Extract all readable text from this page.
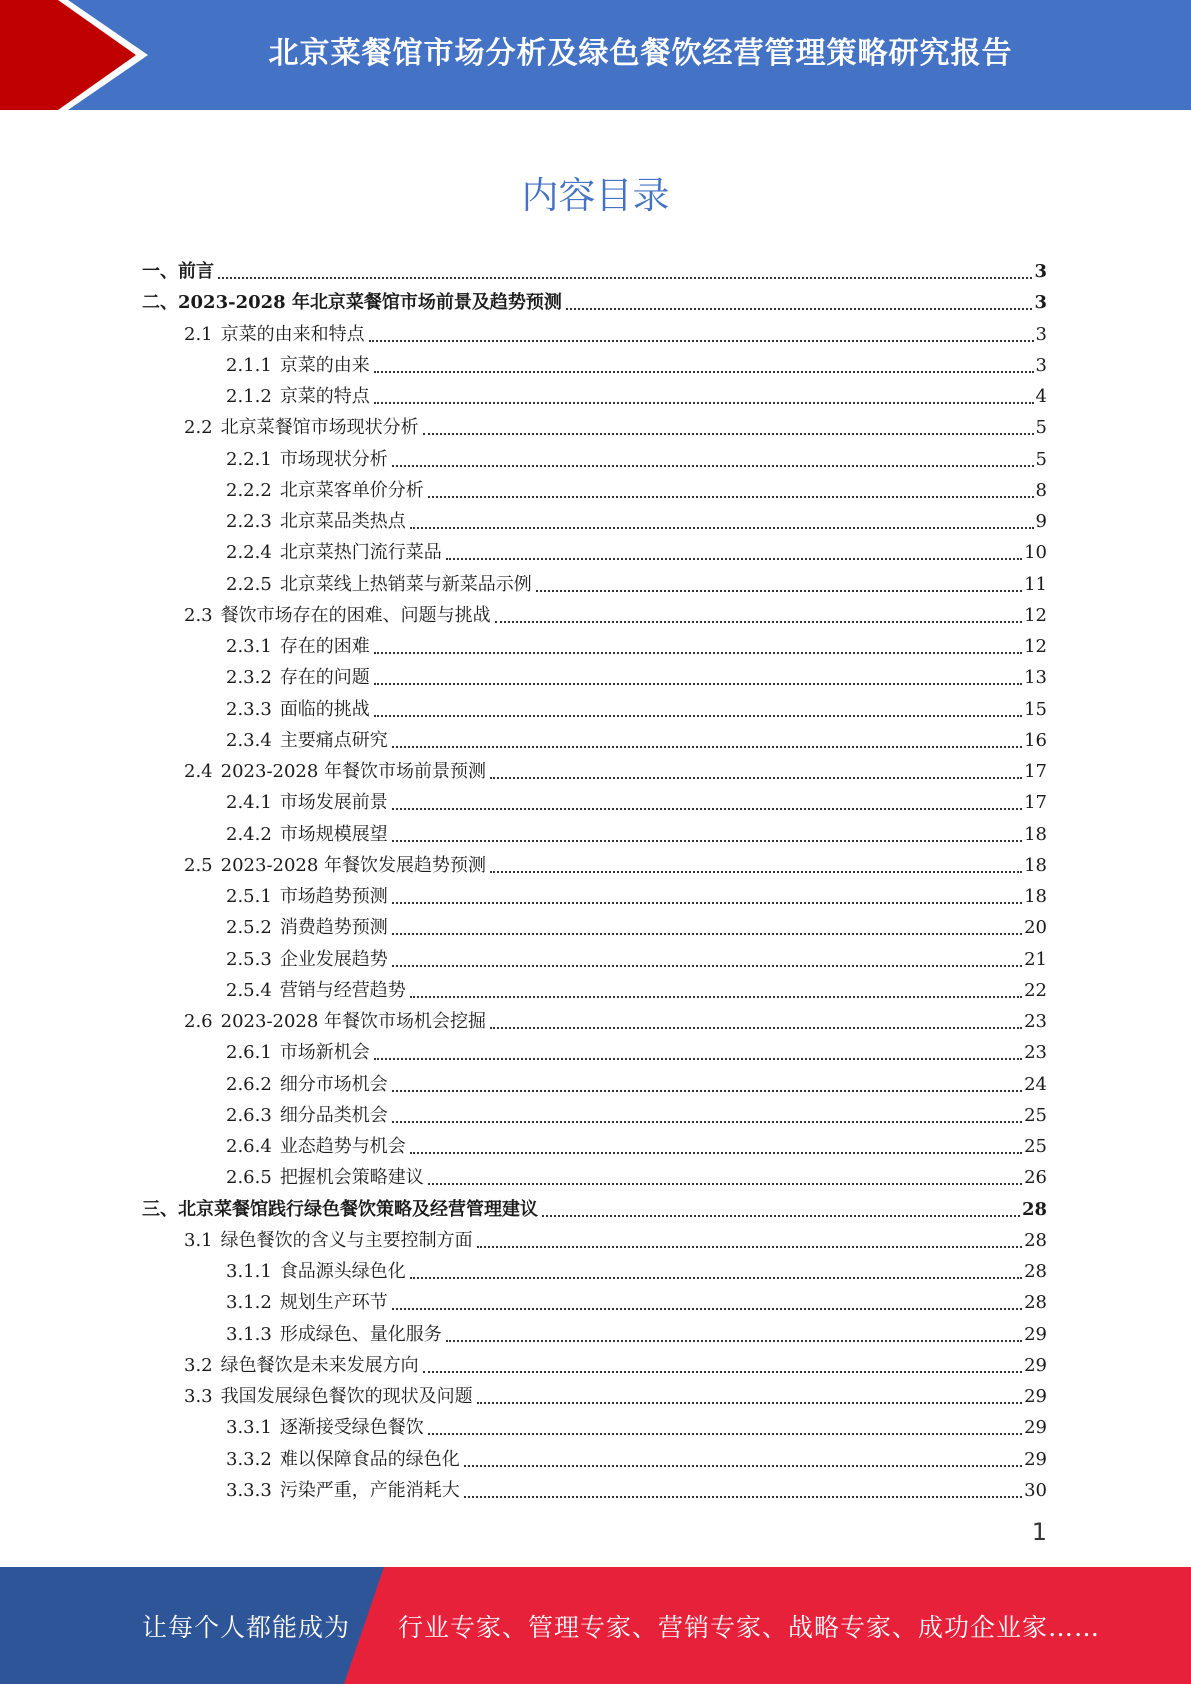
北京菜餐馆市场分析及绿色餐饮经营管理策略研究报告
内容目录
一、前言	3
二、2023-2028 年北京菜餐馆市场前景及趋势预测	3
2.1 京菜的由来和特点	3
2.1.1 京菜的由来	3
2.1.2 京菜的特点	4
2.2 北京菜餐馆市场现状分析	5
2.2.1 市场现状分析	5
2.2.2 北京菜客单价分析	8
2.2.3 北京菜品类热点	9
2.2.4 北京菜热门流行菜品	10
2.2.5 北京菜线上热销菜与新菜品示例	11
2.3 餐饮市场存在的困难、问题与挑战	12
2.3.1 存在的困难	12
2.3.2 存在的问题	13
2.3.3 面临的挑战	15
2.3.4 主要痛点研究	16
2.4 2023-2028 年餐饮市场前景预测	17
2.4.1 市场发展前景	17
2.4.2 市场规模展望	18
2.5 2023-2028 年餐饮发展趋势预测	18
2.5.1 市场趋势预测	18
2.5.2 消费趋势预测	20
2.5.3 企业发展趋势	21
2.5.4 营销与经营趋势	22
2.6 2023-2028 年餐饮市场机会挖掘	23
2.6.1 市场新机会	23
2.6.2 细分市场机会	24
2.6.3 细分品类机会	25
2.6.4 业态趋势与机会	25
2.6.5 把握机会策略建议	26
三、北京菜餐馆践行绿色餐饮策略及经营管理建议	28
3.1 绿色餐饮的含义与主要控制方面	28
3.1.1 食品源头绿色化	28
3.1.2 规划生产环节	28
3.1.3 形成绿色、量化服务	29
3.2 绿色餐饮是未来发展方向	29
3.3 我国发展绿色餐饮的现状及问题	29
3.3.1 逐渐接受绿色餐饮	29
3.3.2 难以保障食品的绿色化	29
3.3.3 污染严重，产能消耗大	30
1
让每个人都能成为 行业专家、管理专家、营销专家、战略专家、成功企业家……
